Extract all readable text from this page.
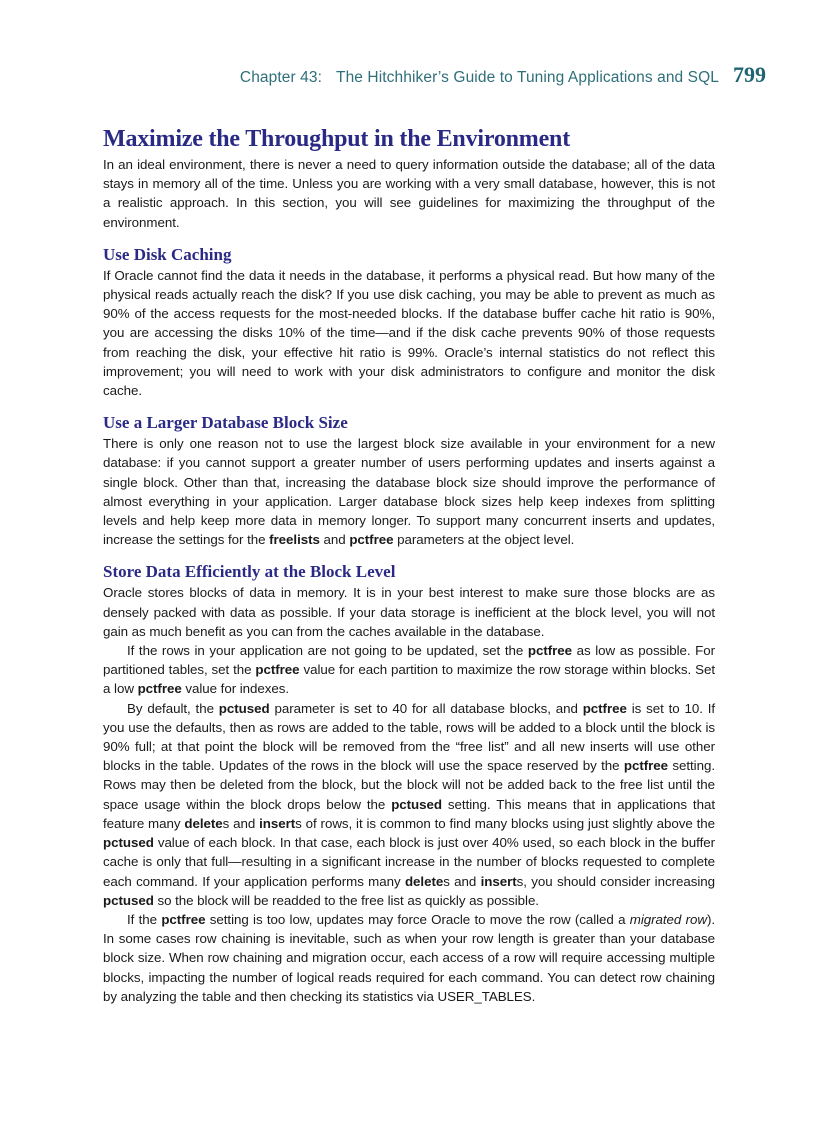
Chapter 43: The Hitchhiker’s Guide to Tuning Applications and SQL 799
Maximize the Throughput in the Environment

In an ideal environment, there is never a need to query information outside the database; all of the data stays in memory all of the time. Unless you are working with a very small database, however, this is not a realistic approach. In this section, you will see guidelines for maximizing the throughput of the environment.

Use Disk Caching

If Oracle cannot find the data it needs in the database, it performs a physical read. But how many of the physical reads actually reach the disk? If you use disk caching, you may be able to prevent as much as 90% of the access requests for the most-needed blocks. If the database buffer cache hit ratio is 90%, you are accessing the disks 10% of the time—and if the disk cache prevents 90% of those requests from reaching the disk, your effective hit ratio is 99%. Oracle’s internal statistics do not reflect this improvement; you will need to work with your disk administrators to configure and monitor the disk cache.

Use a Larger Database Block Size

There is only one reason not to use the largest block size available in your environment for a new database: if you cannot support a greater number of users performing updates and inserts against a single block. Other than that, increasing the database block size should improve the performance of almost everything in your application. Larger database block sizes help keep indexes from splitting levels and help keep more data in memory longer. To support many concurrent inserts and updates, increase the settings for the freelists and pctfree parameters at the object level.

Store Data Efficiently at the Block Level

Oracle stores blocks of data in memory. It is in your best interest to make sure those blocks are as densely packed with data as possible. If your data storage is inefficient at the block level, you will not gain as much benefit as you can from the caches available in the database.

If the rows in your application are not going to be updated, set the pctfree as low as possible. For partitioned tables, set the pctfree value for each partition to maximize the row storage within blocks. Set a low pctfree value for indexes.

By default, the pctused parameter is set to 40 for all database blocks, and pctfree is set to 10. If you use the defaults, then as rows are added to the table, rows will be added to a block until the block is 90% full; at that point the block will be removed from the “free list” and all new inserts will use other blocks in the table. Updates of the rows in the block will use the space reserved by the pctfree setting. Rows may then be deleted from the block, but the block will not be added back to the free list until the space usage within the block drops below the pctused setting. This means that in applications that feature many deletes and inserts of rows, it is common to find many blocks using just slightly above the pctused value of each block. In that case, each block is just over 40% used, so each block in the buffer cache is only that full—resulting in a significant increase in the number of blocks requested to complete each command. If your application performs many deletes and inserts, you should consider increasing pctused so the block will be readded to the free list as quickly as possible.

If the pctfree setting is too low, updates may force Oracle to move the row (called a migrated row). In some cases row chaining is inevitable, such as when your row length is greater than your database block size. When row chaining and migration occur, each access of a row will require accessing multiple blocks, impacting the number of logical reads required for each command. You can detect row chaining by analyzing the table and then checking its statistics via USER_TABLES.
